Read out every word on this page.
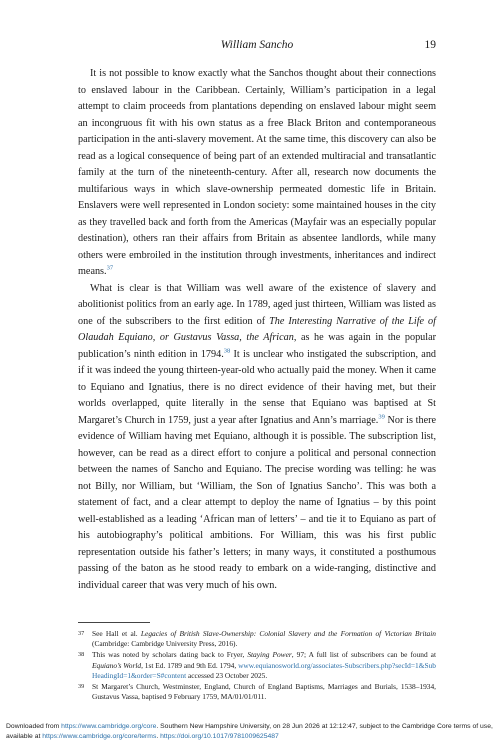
William Sancho	19

It is not possible to know exactly what the Sanchos thought about their connections to enslaved labour in the Caribbean. Certainly, William’s participation in a legal attempt to claim proceeds from plantations depending on enslaved labour might seem an incongruous fit with his own status as a free Black Briton and contemporaneous participation in the anti-slavery movement. At the same time, this discovery can also be read as a logical consequence of being part of an extended multiracial and transatlantic family at the turn of the nineteenth-century. After all, research now documents the multifarious ways in which slave-ownership permeated domestic life in Britain. Enslavers were well represented in London society: some maintained houses in the city as they travelled back and forth from the Americas (Mayfair was an especially popular destination), others ran their affairs from Britain as absentee landlords, while many others were embroiled in the institution through investments, inheritances and indirect means.$^{37}$

What is clear is that William was well aware of the existence of slavery and abolitionist politics from an early age. In 1789, aged just thirteen, William was listed as one of the subscribers to the first edition of The Interesting Narrative of the Life of Olaudah Equiano, or Gustavus Vassa, the African, as he was again in the popular publication’s ninth edition in 1794.38 It is unclear who instigated the subscription, and if it was indeed the young thirteen-year-old who actually paid the money. When it came to Equiano and Ignatius, there is no direct evidence of their having met, but their worlds overlapped, quite literally in the sense that Equiano was baptised at St Margaret’s Church in 1759, just a year after Ignatius and Ann’s marriage.$^{39}$ Nor is there evidence of William having met Equiano, although it is possible. The subscription list, however, can be read as a direct effort to conjure a political and personal connection between the names of Sancho and Equiano. The precise wording was telling: he was not Billy, nor William, but ‘William, the Son of Ignatius Sancho’. This was both a statement of fact, and a clear attempt to deploy the name of Ignatius – by this point well-established as a leading ‘African man of letters’ – and tie it to Equiano as part of his autobiography’s political ambitions. For William, this was his first public representation outside his father’s letters; in many ways, it constituted a posthumous passing of the baton as he stood ready to embark on a wide-ranging, distinctive and individual career that was very much of his own.

37	See Hall et al. Legacies of British Slave-Ownership: Colonial Slavery and the Formation of Victorian Britain (Cambridge: Cambridge University Press, 2016).
38	This was noted by scholars dating back to Fryer, Staying Power, 97; A full list of subscribers can be found at Equiano’s World, 1st Ed. 1789 and 9th Ed. 1794, www.equianosworld.org/associates-Subscribers.php?secId=1&SubHeadingId=1&order=S#content accessed 23 October 2025.
39	St Margaret’s Church, Westminster, England, Church of England Baptisms, Marriages and Burials, 1538–1934, Gustavus Vassa, baptised 9 February 1759, MA/01/01/011.
Downloaded from https://www.cambridge.org/core. Southern New Hampshire University, on 28 Jun 2026 at 12:12:47, subject to the Cambridge Core terms of use, available at https://www.cambridge.org/core/terms. https://doi.org/10.1017/9781009625487
